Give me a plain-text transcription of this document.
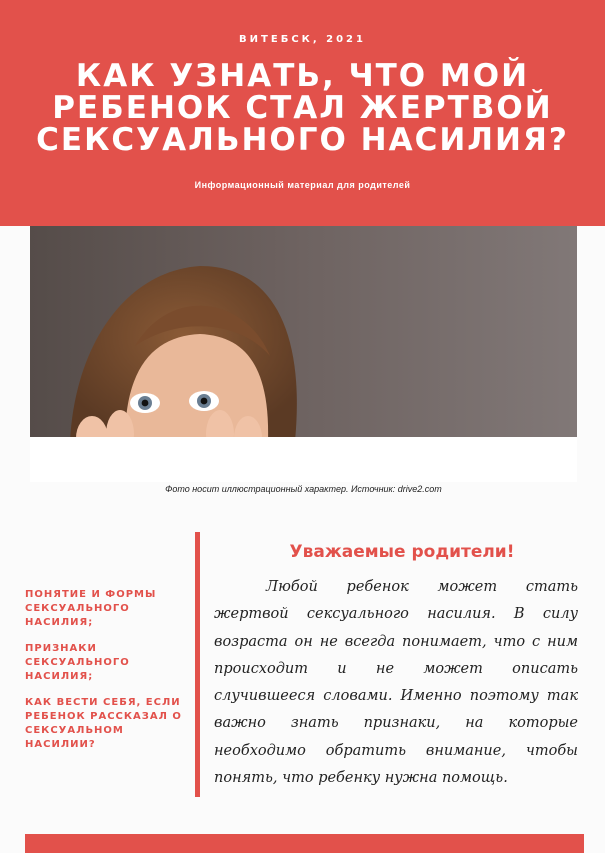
ВИТЕБСК, 2021
КАК УЗНАТЬ, ЧТО МОЙ РЕБЕНОК СТАЛ ЖЕРТВОЙ СЕКСУАЛЬНОГО НАСИЛИЯ?
Информационный материал для родителей
Фото носит иллюстрационный характер. Источник: drive2.com
ПОНЯТИЕ И ФОРМЫ СЕКСУАЛЬНОГО НАСИЛИЯ;
ПРИЗНАКИ СЕКСУАЛЬНОГО НАСИЛИЯ;
КАК ВЕСТИ СЕБЯ, ЕСЛИ РЕБЕНОК РАССКАЗАЛ О СЕКСУАЛЬНОМ НАСИЛИИ?
Уважаемые родители!

Любой ребенок может стать жертвой сексуального насилия. В силу возраста он не всегда понимает, что с ним происходит и не может описать случившееся словами. Именно поэтому так важно знать признаки, на которые необходимо обратить внимание, чтобы понять, что ребенку нужна помощь.
